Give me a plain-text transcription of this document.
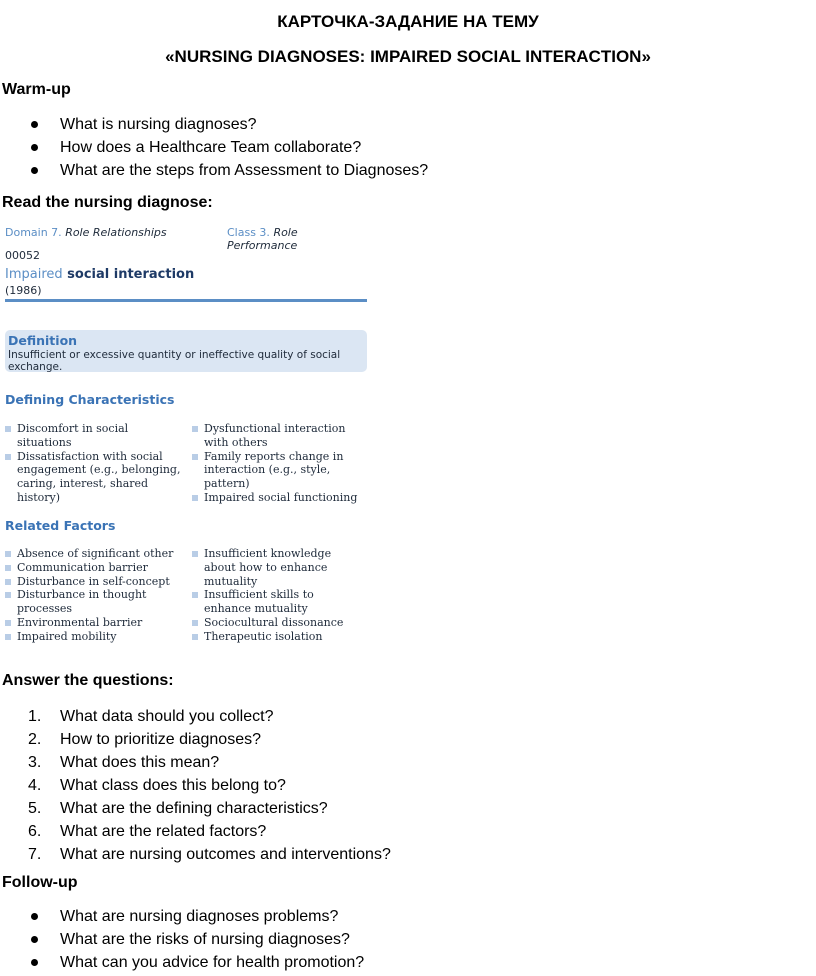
КАРТОЧКА-ЗАДАНИЕ НА ТЕМУ
«NURSING DIAGNOSES: IMPAIRED SOCIAL INTERACTION»
Warm-up
What is nursing diagnoses?
How does a Healthcare Team collaborate?
What are the steps from Assessment to Diagnoses?
Read the nursing diagnose:
Domain 7. Role Relationships	Class 3. Role Performance
00052
Impaired social interaction
(1986)
Definition
Insufficient or excessive quantity or ineffective quality of social exchange.
Defining Characteristics
Discomfort in social situations
Dissatisfaction with social engagement (e.g., belonging, caring, interest, shared history)
Dysfunctional interaction with others
Family reports change in interaction (e.g., style, pattern)
Impaired social functioning
Related Factors
Absence of significant other
Communication barrier
Disturbance in self-concept
Disturbance in thought processes
Environmental barrier
Impaired mobility
Insufficient knowledge about how to enhance mutuality
Insufficient skills to enhance mutuality
Sociocultural dissonance
Therapeutic isolation
Answer the questions:
1.	What data should you collect?
2.	How to prioritize diagnoses?
3.	What does this mean?
4.	What class does this belong to?
5.	What are the defining characteristics?
6.	What are the related factors?
7.	What are nursing outcomes and interventions?
Follow-up
What are nursing diagnoses problems?
What are the risks of nursing diagnoses?
What can you advice for health promotion?
